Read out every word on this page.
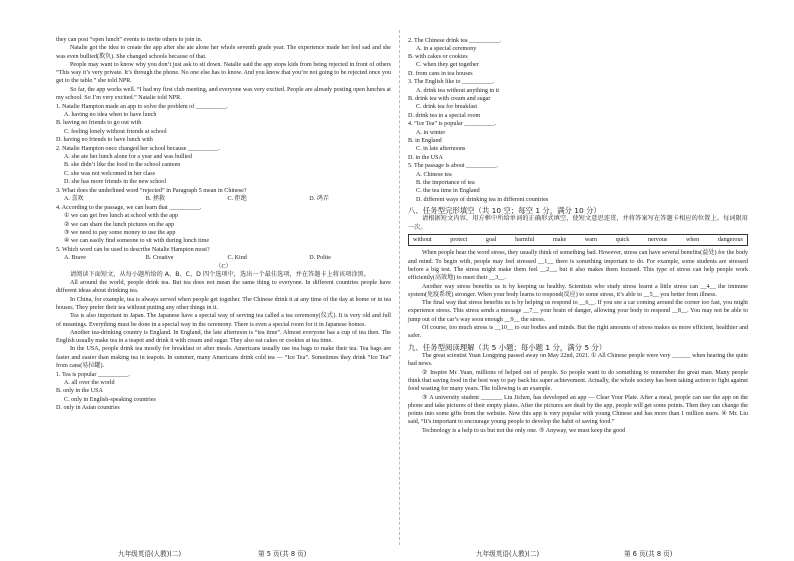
they can post “open lunch” events to invite others to join in.

Natalie got the idea to create the app after she ate alone her whole seventh grade year. The experience made her feel sad and she was even bullied(欺负). She changed schools because of that.

People may want to know why you don’t just ask to sit down. Natalie said the app stops kids from being rejected in front of others “This way it’s very private. It’s through the phone. No one else has to know. And you know that you’re not going to be rejected once you get to the table.” she told NPR.

So far, the app works well. “I had my first club meeting, and everyone was very excited. People are already posting open lunches at my school. So I’m very excited.” Natalie told NPR.

1. Natalie Hampton made an app to solve the problem of __________.

A. having no idea when to have lunch
B. having no friends to go out with
C. feeling lonely without friends at school
D. having no friends to have lunch with

2. Natalie Hampton once changed her school because __________.

A. she ate her lunch alone for a year and was bullied
B. she didn’t like the food in the school canteen
C. she was not welcomed in her class
D. she has more friends in the new school

3. What does the underlined word “rejected” in Paragraph 5 mean in Chinese?

A. 喜欢	B. 拯救	C. 拒绝	D. 鸿弄

4. According to the passage, we can learn that __________.

① we can get free lunch at school with the app
② we can share the lunch pictures on the app
③ we need to pay some money to use the app
④ we can easily find someone to sit with during lunch time

5. Which word can be used to describe Natalie Hampton most?

A. Brave	B. Creative	C. Kind	D. Polite

（C）

请阅读下面短文，从每小题所给的 A、B、C、D 四个选项中，选出一个最佳选项，并在答题卡上将该项涂黑。

All around the world, people drink tea. But tea does not mean the same thing to everyone. In different countries people have different ideas about drinking tea.

In China, for example, tea is always served when people get together. The Chinese drink it at any time of the day at home or in tea houses. They prefer their tea without putting any other things in it.

Tea is also important in Japan. The Japanese have a special way of serving tea called a tea ceremony(仪式). It is very old and full of meanings. Everything must be done in a special way in the ceremony. There is even a special room for it in Japanese homes.

Another tea-drinking country is England. In England, the late afternoon is “tea time”. Almost everyone has a cup of tea then. The English usually make tea in a teapot and drink it with cream and sugar. They also eat cakes or cookies at tea time.

In the USA, people drink tea mostly for breakfast or after meals. Americans usually use tea bags to make their tea. Tea bags are faster and easier than making tea in teapots. In summer, many Americans drink cold tea — “Ice Tea”. Sometimes they drink “Ice Tea” from cans(易拉罐).

1. Tea is popular __________.

A. all over the world
B. only in the USA
C. only in English-speaking countries
D. only in Asian countries

2. The Chinese drink tea __________.

A. in a special ceremony
B. with cakes or cookies
C. when they get together
D. from cans in tea houses

3. The English like to __________.

A. drink tea without anything in it
B. drink tea with cream and sugar
C. drink tea for breakfast
D. drink tea in a special room

4. “Ice Tea” is popular __________.

A. in winter
B. in England
C. in late afternoons
D. in the USA

5. The passage is about __________.

A. Chinese tea
B. the importance of tea
C. the tea time in England
D. different ways of drinking tea in different countries

八、任务型完形填空（共 10 空；每空 1 分，满分 10 分）

请根据短文内容，用方框中所给单词的正确形式填空，使短文意思连贯，并将答案写在答题卡相应的位置上。每词限用一次。

without	protect	goal	harmful	make	warn	quick	nervous	when	dangerous

When people hear the word stress, they usually think of something bad. However, stress can have several benefits(益处) for the body and mind. To begin with, people may feel stressed __1__ there is something important to do. For example, some students are stressed before a big test. The stress might make them feel __2__, but it also makes them focused. This type of stress can help people work efficiently(高效地) to meet their __3__.

Another way stress benefits us is by keeping us healthy. Scientists who study stress learnt a little stress can __4__ the immune system(免疫系统) stronger. When your body learns to respond(反应) to some stress, it’s able to __5__ you better from illness.

The final way that stress benefits us is by helping us respond to __6__. If you see a car coming around the corner too fast, you might experience stress. This stress sends a message __7__ your brain of danger, allowing your body to respond __8__. You may not be able to jump out of the car’s way soon enough __9__ the stress.

Of course, too much stress is __10__ to our bodies and minds. But the right amounts of stress makes us more efficient, healthier and safer.

九、任务型阅读理解（共 5 小题；每小题 1 分，满分 5 分）

The great scientist Yuan Longping passed away on May 22nd, 2021. ① All Chinese people were very ______ when hearing the quite bad news.

② Inspire Mr. Yuan, millions of helped out of people. So people want to do something to remember the great man. Many people think that saving food in the best way to pay back his super achievement. Actually, the whole society has been taking action to fight against food wasting for many years. The following is an example.

③ A university student _______ Liu Jichen, has developed an app — Clear Your Plate. After a meal, people can use the app on the phone and take pictures of their empty plates. After the pictures are dealt by the app, people will get some points. Then they can change the points into some gifts from the website. Now this app is very popular with young Chinese and has more than 1 million users. ④ Mr. Liu said, “It’s important to encourage young people to develop the habit of saving food.”

Technology is a help to us but not the only one. ⑤ Anyway, we must keep the good

九年级英语(人教)(二)	第 5 页(共 8 页)	九年级英语(人教)(二)	第 6 页(共 8 页)
